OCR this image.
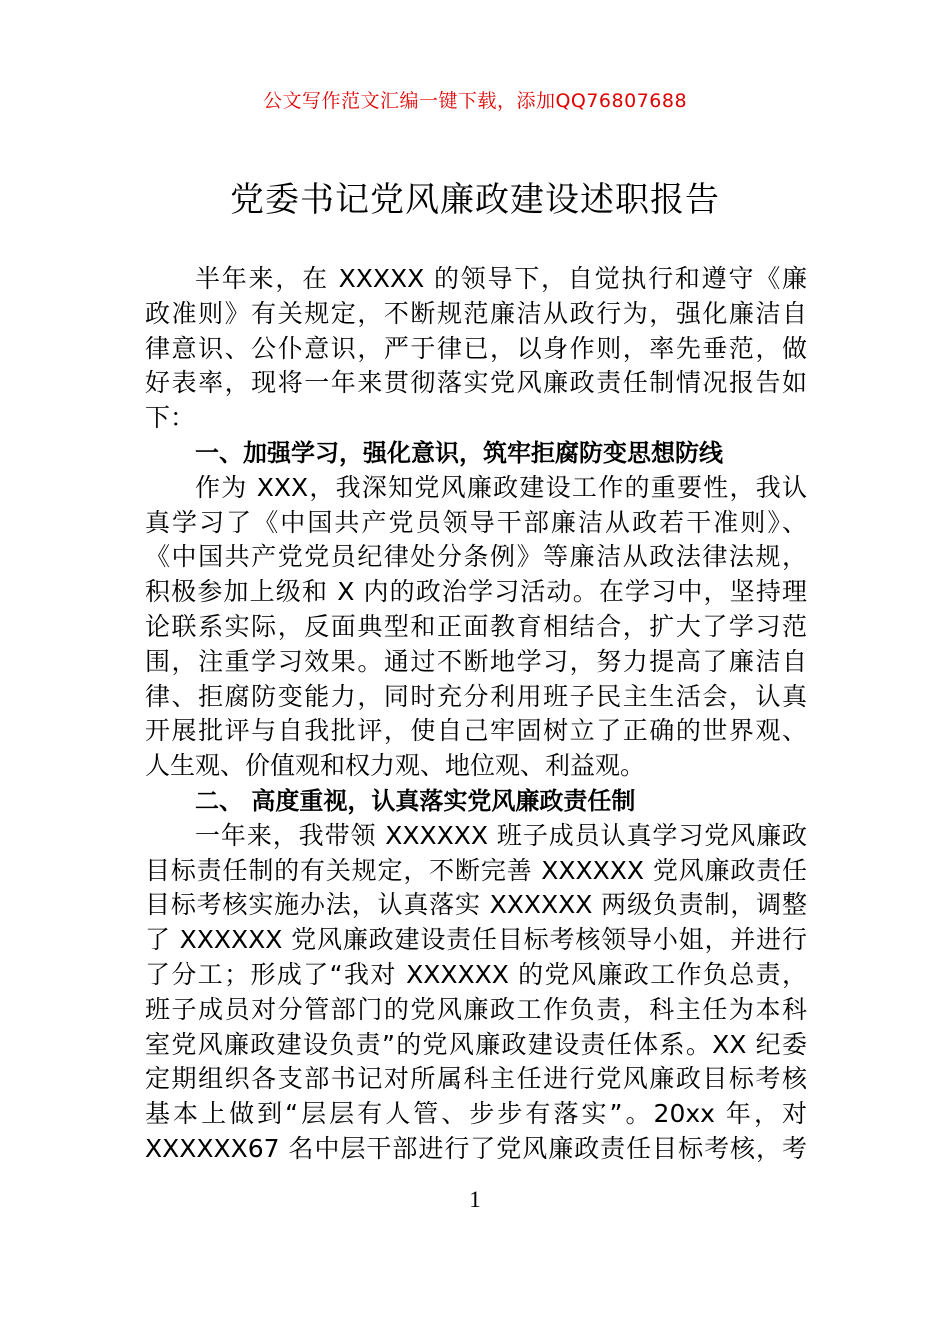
公文写作范文汇编一键下载，添加QQ76807688
党委书记党风廉政建设述职报告
半年来，在 XXXXX 的领导下，自觉执行和遵守《廉
政准则》有关规定，不断规范廉洁从政行为，强化廉洁自
律意识、公仆意识，严于律已，以身作则，率先垂范，做
好表率，现将一年来贯彻落实党风廉政责任制情况报告如
下：
一、加强学习，强化意识，筑牢拒腐防变思想防线
作为 XXX，我深知党风廉政建设工作的重要性，我认
真学习了《中国共产党员领导干部廉洁从政若干准则》、
《中国共产党党员纪律处分条例》等廉洁从政法律法规，
积极参加上级和 X 内的政治学习活动。在学习中，坚持理
论联系实际，反面典型和正面教育相结合，扩大了学习范
围，注重学习效果。通过不断地学习，努力提高了廉洁自
律、拒腐防变能力，同时充分利用班子民主生活会，认真
开展批评与自我批评，使自己牢固树立了正确的世界观、
人生观、价值观和权力观、地位观、利益观。
二、 高度重视，认真落实党风廉政责任制
一年来，我带领 XXXXXX 班子成员认真学习党风廉政
目标责任制的有关规定，不断完善 XXXXXX 党风廉政责任
目标考核实施办法，认真落实 XXXXXX 两级负责制，调整
了 XXXXXX 党风廉政建设责任目标考核领导小姐，并进行
了分工；形成了“我对 XXXXXX 的党风廉政工作负总责，
班子成员对分管部门的党风廉政工作负责，科主任为本科
室党风廉政建设负责”的党风廉政建设责任体系。XX 纪委
定期组织各支部书记对所属科主任进行党风廉政目标考核
基本上做到“层层有人管、步步有落实”。20xx 年，对
XXXXXX67 名中层干部进行了党风廉政责任目标考核，考
1
